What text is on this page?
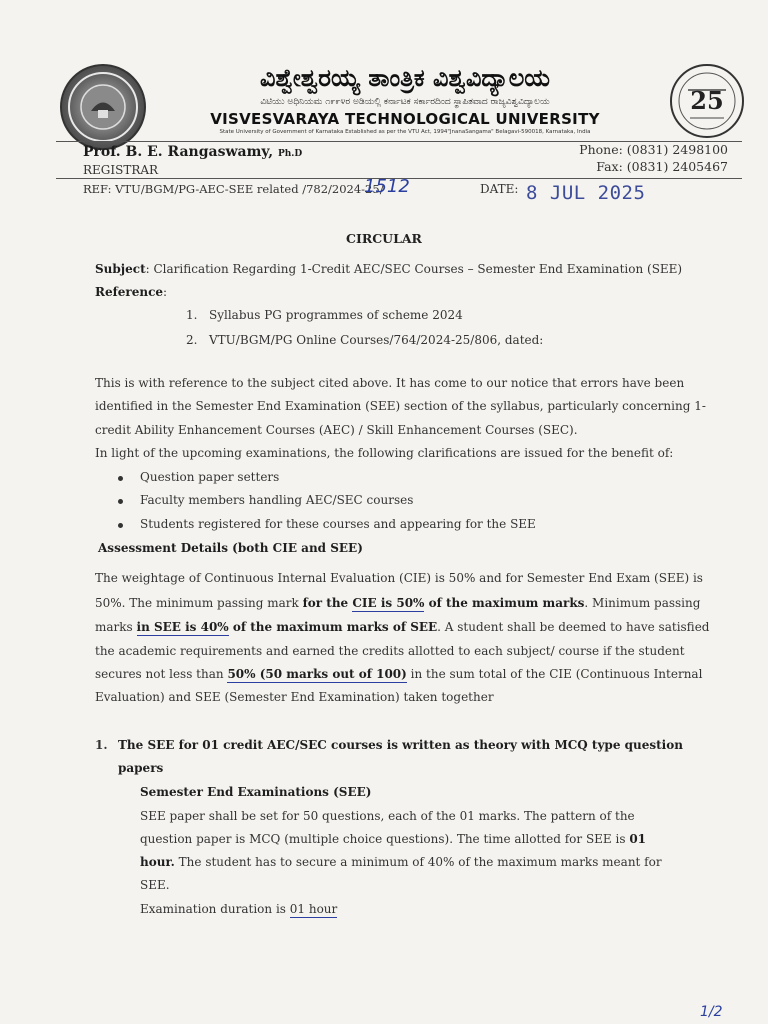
25
ವಿಶ್ವೇಶ್ವರಯ್ಯ ತಾಂತ್ರಿಕ ವಿಶ್ವವಿದ್ಯಾಲಯ
ವಿಟಿಯು ಅಧಿನಿಯಮ ೧೯೯೪ರ ಅಡಿಯಲ್ಲಿ ಕರ್ನಾಟಕ ಸರ್ಕಾರದಿಂದ ಸ್ಥಾಪಿತವಾದ ರಾಜ್ಯವಿಶ್ವವಿದ್ಯಾಲಯ
VISVESVARAYA TECHNOLOGICAL UNIVERSITY
State University of Government of Karnataka Established as per the VTU Act, 1994"JnanaSangama" Belagavi-590018, Karnataka, India
Prof. B. E. Rangaswamy, Ph.D
REGISTRAR
Phone: (0831) 2498100
Fax: (0831) 2405467
REF: VTU/BGM/PG-AEC-SEE related /782/2024-25/
1512	DATE: 8 JUL 2025
CIRCULAR
Subject: Clarification Regarding 1-Credit AEC/SEC Courses – Semester End Examination (SEE)
Reference:
1. Syllabus PG programmes of scheme 2024
2. VTU/BGM/PG Online Courses/764/2024-25/806, dated:
This is with reference to the subject cited above. It has come to our notice that errors have been
identified in the Semester End Examination (SEE) section of the syllabus, particularly concerning 1-
credit Ability Enhancement Courses (AEC) / Skill Enhancement Courses (SEC).
In light of the upcoming examinations, the following clarifications are issued for the benefit of:
Question paper setters
Faculty members handling AEC/SEC courses
Students registered for these courses and appearing for the SEE
Assessment Details (both CIE and SEE)
The weightage of Continuous Internal Evaluation (CIE) is 50% and for Semester End Exam (SEE) is
50%. The minimum passing mark for the CIE is 50% of the maximum marks. Minimum passing
marks in SEE is 40% of the maximum marks of SEE. A student shall be deemed to have satisfied
the academic requirements and earned the credits allotted to each subject/ course if the student
secures not less than 50% (50 marks out of 100) in the sum total of the CIE (Continuous Internal
Evaluation) and SEE (Semester End Examination) taken together
1. The SEE for 01 credit AEC/SEC courses is written as theory with MCQ type question
papers
Semester End Examinations (SEE)
SEE paper shall be set for 50 questions, each of the 01 marks. The pattern of the
question paper is MCQ (multiple choice questions). The time allotted for SEE is 01
hour. The student has to secure a minimum of 40% of the maximum marks meant for
SEE.
Examination duration is 01 hour
1/2
